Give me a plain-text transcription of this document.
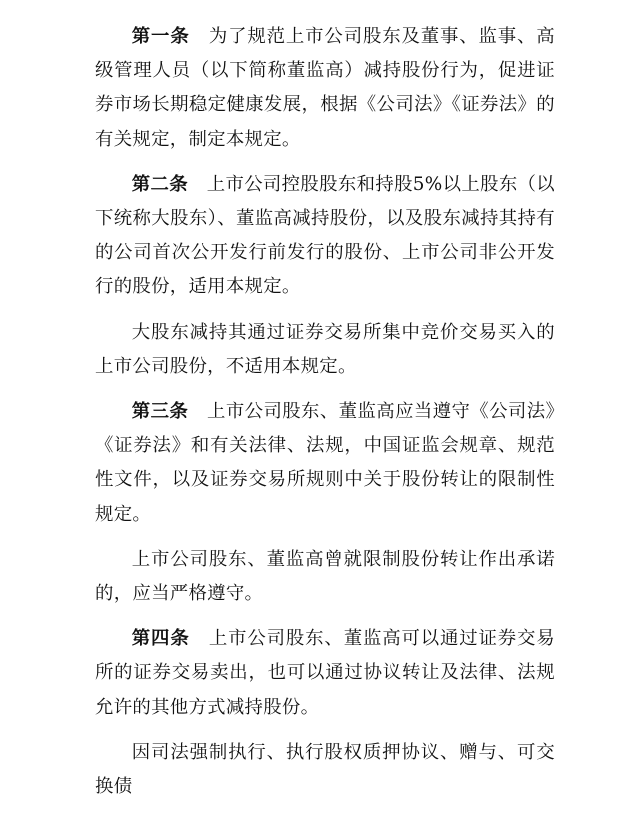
第一条　 为了规范上市公司股东及董事、监事、高级管理人员（以下简称董监高）减持股份行为，促进证券市场长期稳定健康发展，根据《公司法》《证券法》的有关规定，制定本规定。

第二条　 上市公司控股股东和持股5%以上股东（以下统称大股东）、董监高减持股份，以及股东减持其持有的公司首次公开发行前发行的股份、上市公司非公开发行的股份，适用本规定。

大股东减持其通过证券交易所集中竞价交易买入的上市公司股份，不适用本规定。

第三条　 上市公司股东、董监高应当遵守《公司法》《证券法》和有关法律、法规，中国证监会规章、规范性文件，以及证券交易所规则中关于股份转让的限制性规定。

上市公司股东、董监高曾就限制股份转让作出承诺的，应当严格遵守。

第四条　 上市公司股东、董监高可以通过证券交易所的证券交易卖出，也可以通过协议转让及法律、法规允许的其他方式减持股份。

因司法强制执行、执行股权质押协议、赠与、可交换债
